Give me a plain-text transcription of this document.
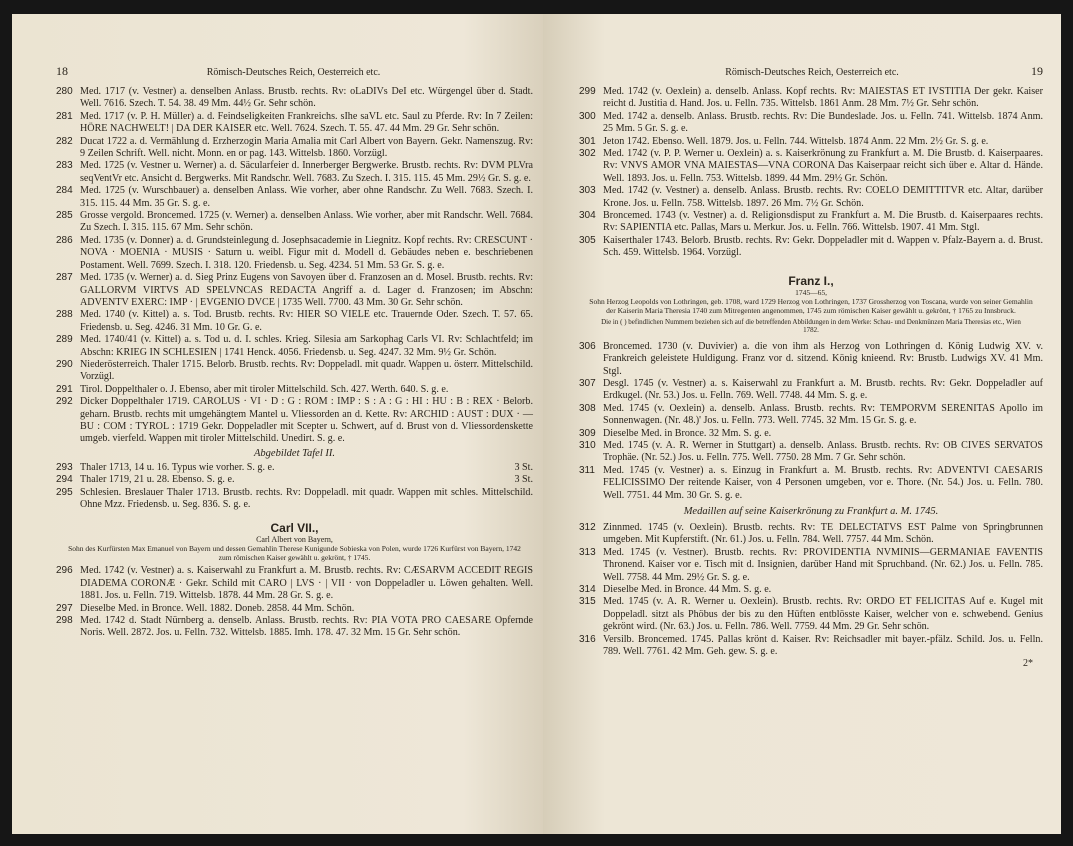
18	Römisch-Deutsches Reich, Oesterreich etc.
280 Med. 1717 (v. Vestner) a. denselben Anlass. Brustb. rechts. Rv: oLaDIVs DeI etc. Würgengel über d. Stadt. Well. 7616. Szech. T. 54. 38. 49 Mm. 44½ Gr. Sehr schön.
281 Med. 1717 (v. P. H. Müller) a. d. Feindseligkeiten Frankreichs. sIhe saVL etc. Saul zu Pferde. Rv: In 7 Zeilen: HÖRE NACHWELT! | DA DER KAISER etc. Well. 7624. Szech. T. 55. 47. 44 Mm. 29 Gr. Sehr schön.
282 Ducat 1722 a. d. Vermählung d. Erzherzogin Maria Amalia mit Carl Albert von Bayern. Gekr. Namenszug. Rv: 9 Zeilen Schrift. Well. nicht. Monn. en or pag. 143. Wittelsb. 1860. Vorzügl.
283 Med. 1725 (v. Vestner u. Werner) a. d. Säcularfeier d. Innerberger Bergwerke. Brustb. rechts. Rv: DVM PLVra seqVentVr etc. Ansicht d. Bergwerks. Mit Randschr. Well. 7683. Zu Szech. I. 315. 115. 45 Mm. 29½ Gr. S. g. e.
284 Med. 1725 (v. Wurschbauer) a. denselben Anlass. Wie vorher, aber ohne Randschr. Zu Well. 7683. Szech. I. 315. 115. 44 Mm. 35 Gr. S. g. e.
285 Grosse vergold. Broncemed. 1725 (v. Werner) a. denselben Anlass. Wie vorher, aber mit Randschr. Well. 7684. Zu Szech. I. 315. 115. 67 Mm. Sehr schön.
286 Med. 1735 (v. Donner) a. d. Grundsteinlegung d. Josephsacademie in Liegnitz. Kopf rechts. Rv: CRESCUNT · NOVA · MOENIA · MUSIS · Saturn u. weibl. Figur mit d. Modell d. Gebäudes neben e. beschriebenen Postament. Well. 7699. Szech. I. 318. 120. Friedensb. u. Seg. 4234. 51 Mm. 53 Gr. S. g. e.
287 Med. 1735 (v. Werner) a. d. Sieg Prinz Eugens von Savoyen über d. Franzosen an d. Mosel. Brustb. rechts. Rv: GALLORVM VIRTVS AD SPELVNCAS REDACTA Angriff a. d. Lager d. Franzosen; im Abschn: ADVENTV EXERC: IMP · | EVGENIO DVCE | 1735 Well. 7700. 43 Mm. 30 Gr. Sehr schön.
288 Med. 1740 (v. Kittel) a. s. Tod. Brustb. rechts. Rv: HIER SO VIELE etc. Trauernde Oder. Szech. T. 57. 65. Friedensb. u. Seg. 4246. 31 Mm. 10 Gr. G. e.
289 Med. 1740/41 (v. Kittel) a. s. Tod u. d. I. schles. Krieg. Silesia am Sarkophag Carls VI. Rv: Schlachtfeld; im Abschn: KRIEG IN SCHLESIEN | 1741 Henck. 4056. Friedensb. u. Seg. 4247. 32 Mm. 9½ Gr. Schön.
290 Niederösterreich. Thaler 1715. Belorb. Brustb. rechts. Rv: Doppeladl. mit quadr. Wappen u. österr. Mittelschild. Vorzügl.
291 Tirol. Doppelthaler o. J. Ebenso, aber mit tiroler Mittelschild. Sch. 427. Werth. 640. S. g. e.
292 Dicker Doppelthaler 1719. CAROLUS · VI · D : G : ROM : IMP : S : A : G : HI : HU : B : REX · Belorb. geharn. Brustb. rechts mit umgehängtem Mantel u. Vliessorden an d. Kette. Rv: ARCHID : AUST : DUX · — BU : COM : TYROL : 1719 Gekr. Doppeladler mit Scepter u. Schwert, auf d. Brust von d. Vliessordenskette umgeb. vierfeld. Wappen mit tiroler Mittelschild. Unedirt. S. g. e.
Abgebildet Tafel II.
293 Thaler 1713, 14 u. 16. Typus wie vorher. S. g. e.	3 St.
294 Thaler 1719, 21 u. 28. Ebenso. S. g. e.	3 St.
295 Schlesien. Breslauer Thaler 1713. Brustb. rechts. Rv: Doppeladl. mit quadr. Wappen mit schles. Mittelschild. Ohne Mzz. Friedensb. u. Seg. 836. S. g. e.
Carl VII.,
Carl Albert von Bayern,
Sohn des Kurfürsten Max Emanuel von Bayern und dessen Gemahlin Therese Kunigunde Sobieska von Polen, wurde 1726 Kurfürst von Bayern, 1742 zum römischen Kaiser gewählt u. gekrönt, † 1745.
296 Med. 1742 (v. Vestner) a. s. Kaiserwahl zu Frankfurt a. M. Brustb. rechts. Rv: CÆSARVM ACCEDIT REGIS DIADEMA CORONÆ · Gekr. Schild mit CARO | LVS · | VII · von Doppeladler u. Löwen gehalten. Well. 1881. Jos. u. Felln. 719. Wittelsb. 1878. 44 Mm. 28 Gr. S. g. e.
297 Dieselbe Med. in Bronce. Well. 1882. Doneb. 2858. 44 Mm. Schön.
298 Med. 1742 d. Stadt Nürnberg a. denselb. Anlass. Brustb. rechts. Rv: PIA VOTA PRO CAESARE Opfernde Noris. Well. 2872. Jos. u. Felln. 732. Wittelsb. 1885. Imh. 178. 47. 32 Mm. 15 Gr. Sehr schön.
Römisch-Deutsches Reich, Oesterreich etc.	19
299 Med. 1742 (v. Oexlein) a. denselb. Anlass. Kopf rechts. Rv: MAIESTAS ET IVSTITIA Der gekr. Kaiser reicht d. Justitia d. Hand. Jos. u. Felln. 735. Wittelsb. 1861 Anm. 28 Mm. 7½ Gr. Sehr schön.
300 Med. 1742 a. denselb. Anlass. Brustb. rechts. Rv: Die Bundeslade. Jos. u. Felln. 741. Wittelsb. 1874 Anm. 25 Mm. 5 Gr. S. g. e.
301 Jeton 1742. Ebenso. Well. 1879. Jos. u. Felln. 744. Wittelsb. 1874 Anm. 22 Mm. 2½ Gr. S. g. e.
302 Med. 1742 (v. P. P. Werner u. Oexlein) a. s. Kaiserkrönung zu Frankfurt a. M. Die Brustb. d. Kaiserpaares. Rv: VNVS AMOR VNA MAIESTAS—VNA CORONA Das Kaiserpaar reicht sich über e. Altar d. Hände. Well. 1893. Jos. u. Felln. 753. Wittelsb. 1899. 44 Mm. 29½ Gr. Schön.
303 Med. 1742 (v. Vestner) a. denselb. Anlass. Brustb. rechts. Rv: COELO DEMITTITVR etc. Altar, darüber Krone. Jos. u. Felln. 758. Wittelsb. 1897. 26 Mm. 7½ Gr. Schön.
304 Broncemed. 1743 (v. Vestner) a. d. Religionsdisput zu Frankfurt a. M. Die Brustb. d. Kaiserpaares rechts. Rv: SAPIENTIA etc. Pallas, Mars u. Merkur. Jos. u. Felln. 766. Wittelsb. 1907. 41 Mm. Stgl.
305 Kaiserthaler 1743. Belorb. Brustb. rechts. Rv: Gekr. Doppeladler mit d. Wappen v. Pfalz-Bayern a. d. Brust. Sch. 459. Wittelsb. 1964. Vorzügl.
Franz I.,
1745—65,
Sohn Herzog Leopolds von Lothringen, geb. 1708, ward 1729 Herzog von Lothringen, 1737 Grossherzog von Toscana, wurde von seiner Gemahlin der Kaiserin Maria Theresia 1740 zum Mitregenten angenommen, 1745 zum römischen Kaiser gewählt u. gekrönt, † 1765 zu Innsbruck.
Die in ( ) befindlichen Nummern beziehen sich auf die betreffenden Abbildungen in dem Werke: Schau- und Denkmünzen Maria Theresias etc., Wien 1782.
306 Broncemed. 1730 (v. Duvivier) a. die von ihm als Herzog von Lothringen d. König Ludwig XV. v. Frankreich geleistete Huldigung. Franz vor d. sitzend. König knieend. Rv: Brustb. Ludwigs XV. 41 Mm. Stgl.
307 Desgl. 1745 (v. Vestner) a. s. Kaiserwahl zu Frankfurt a. M. Brustb. rechts. Rv: Gekr. Doppeladler auf Erdkugel. (Nr. 53.) Jos. u. Felln. 769. Well. 7748. 44 Mm. S. g. e.
308 Med. 1745 (v. Oexlein) a. denselb. Anlass. Brustb. rechts. Rv: TEMPORVM SERENITAS Apollo im Sonnenwagen. (Nr. 48.)' Jos. u. Felln. 773. Well. 7745. 32 Mm. 15 Gr. S. g. e.
309 Dieselbe Med. in Bronce. 32 Mm. S. g. e.
310 Med. 1745 (v. A. R. Werner in Stuttgart) a. denselb. Anlass. Brustb. rechts. Rv: OB CIVES SERVATOS Trophäe. (Nr. 52.) Jos. u. Felln. 775. Well. 7750. 28 Mm. 7 Gr. Sehr schön.
311 Med. 1745 (v. Vestner) a. s. Einzug in Frankfurt a. M. Brustb. rechts. Rv: ADVENTVI CAESARIS FELICISSIMO Der reitende Kaiser, von 4 Personen umgeben, vor e. Thore. (Nr. 54.) Jos. u. Felln. 780. Well. 7751. 44 Mm. 30 Gr. S. g. e.
Medaillen auf seine Kaiserkrönung zu Frankfurt a. M. 1745.
312 Zinnmed. 1745 (v. Oexlein). Brustb. rechts. Rv: TE DELECTATVS EST Palme von Springbrunnen umgeben. Mit Kupferstift. (Nr. 61.) Jos. u. Felln. 784. Well. 7757. 44 Mm. Schön.
313 Med. 1745 (v. Vestner). Brustb. rechts. Rv: PROVIDENTIA NVMINIS—GERMANIAE FAVENTIS Thronend. Kaiser vor e. Tisch mit d. Insignien, darüber Hand mit Spruchband. (Nr. 62.) Jos. u. Felln. 785. Well. 7758. 44 Mm. 29½ Gr. S. g. e.
314 Dieselbe Med. in Bronce. 44 Mm. S. g. e.
315 Med. 1745 (v. A. R. Werner u. Oexlein). Brustb. rechts. Rv: ORDO ET FELICITAS Auf e. Kugel mit Doppeladl. sitzt als Phöbus der bis zu den Hüften entblösste Kaiser, welcher von e. schwebend. Genius gekrönt wird. (Nr. 63.) Jos. u. Felln. 786. Well. 7759. 44 Mm. 29 Gr. Sehr schön.
316 Versilb. Broncemed. 1745. Pallas krönt d. Kaiser. Rv: Reichsadler mit bayer.-pfälz. Schild. Jos. u. Felln. 789. Well. 7761. 42 Mm. Geh. gew. S. g. e.
2*
